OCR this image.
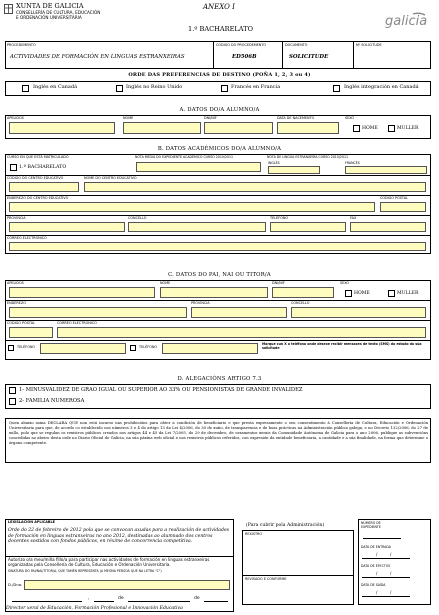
XUNTA DE GALICIA
CONSELLERÍA DE CULTURA, EDUCACIÓN
E ORDENACIÓN UNIVERSITARIA
ANEXO I
galicia
1.º BACHARELATO
PROCEDEMENTO
ACTIVIDADES DE FORMACIÓN EN LINGUAS ESTRANXEIRAS
CÓDIGO DO PROCEDEMENTO
ED506B
DOCUMENTO
SOLICITUDE
Nº SOLICITUDE
ORDE DAS PREFERENCIAS DE DESTINO (POÑA 1, 2, 3 ou 4)
Inglés en Canadá	Inglés no Reino Unido	Francés en Francia	Inglés integración en Canadá
A. DATOS DO/A ALUMNO/A
APELIDOS	NOME	DNI/NIF	DATA DE NACEMENTO	SEXO
HOME	MULLER
B. DATOS ACADÉMICOS DO/A ALUMNO/A
CURSO EN QUE ESTÁ MATRICULADO
1.º BACHARELATO
NOTA MEDIA DO EXPEDIENTE ACADÉMICO CURSO 2010/2011	NOTA DE LINGUA ESTRANXEIRA CURSO 2010/2011
INGLÉS	FRANCÉS
CÓDIGO DO CENTRO EDUCATIVO	NOME DO CENTRO EDUCATIVO
ENDEREZO DO CENTRO EDUCATIVO	CÓDIGO POSTAL
PROVINCIA	CONCELLO	TELÉFONO	FAX
CORREO ELECTRÓNICO
C. DATOS DO PAI, NAI OU TITOR/A
APELIDOS	NOME	DNI/NIF	SEXO
HOME	MULLER
ENDEREZO	PROVINCIA	CONCELLO
CÓDIGO POSTAL	CORREO ELECTRÓNICO
TELÉFONO	TELÉFONO
Marque cun X o teléfono onde desexe recibir mensaxes de texto (SMS) do estado da súa solicitude
D. ALEGACIÓNS ARTIGO 7.3
1- MINUSVALIDEZ DE GRAO IGUAL OU SUPERIOR AO 33% OU PENSIONISTAS DE GRANDE INVALIDEZ
2- FAMILIA NUMEROSA
Quen abaixo asina DECLARA QUE non está incurso nas prohibicións para obter a condición de beneficiario e que presta expresamente o seu consentimento á Consellería de Cultura, Educación e Ordenación Universitaria para que, de acordo co establecido nos números 3 e 4 do artigo 13 da Lei 4/2006, do 30 de xuño, de transparencia e de boas prácticas na Administración pública galega, e no Decreto 132/2006, do 27 de xullo, polo que se regulan os rexistros públicos creados nos artigos 44 e 45 da Lei 7/2005, do 29 de decembro, de orzamentos xerais da Comunidade Autónoma de Galicia para o ano 2006, publique as subvencións concedidas ao abeiro desta orde no Diario Oficial de Galicia, na súa páxina web oficial e nos rexistros públicos referidos, con expresión da entidade beneficiaria, a cantidade e a súa finalidade, na forma que determine o órgano competente.
LEXISLACIÓN APLICABLE
Orde do 22 de febreiro de 2012 pola que se convocan axudas para a realización de actividades de formación en linguas estranxeiras no ano 2012, destinadas ao alumnado dos centros docentes sostidos con fondos públicos, en réxime de concorrencia competitiva.
Autorizo o/a meu/miña fillo/a para participar nas actividades de formación en linguas estranxeiras organizadas pola Consellería de Cultura, Educación e Ordenación Universitaria.
SINATURA DO PAI/NAI/TITOR/A, QUE TAMÉN REPRESENTA (A MESMA PERSOA QUE NA LETRA "C")
D./Dna.
,	de	de
Director xeral de Educación, Formación Profesional e Innovación Educativa
(Para cubrir pola Administración)
REXISTRO
REVISADO E CONFORME
NÚMERO DE EXPEDIENTE
DATA DE ENTRADA
/	/
DATA DE EFECTOS
/	/
DATA DE SAÍDA
/	/
